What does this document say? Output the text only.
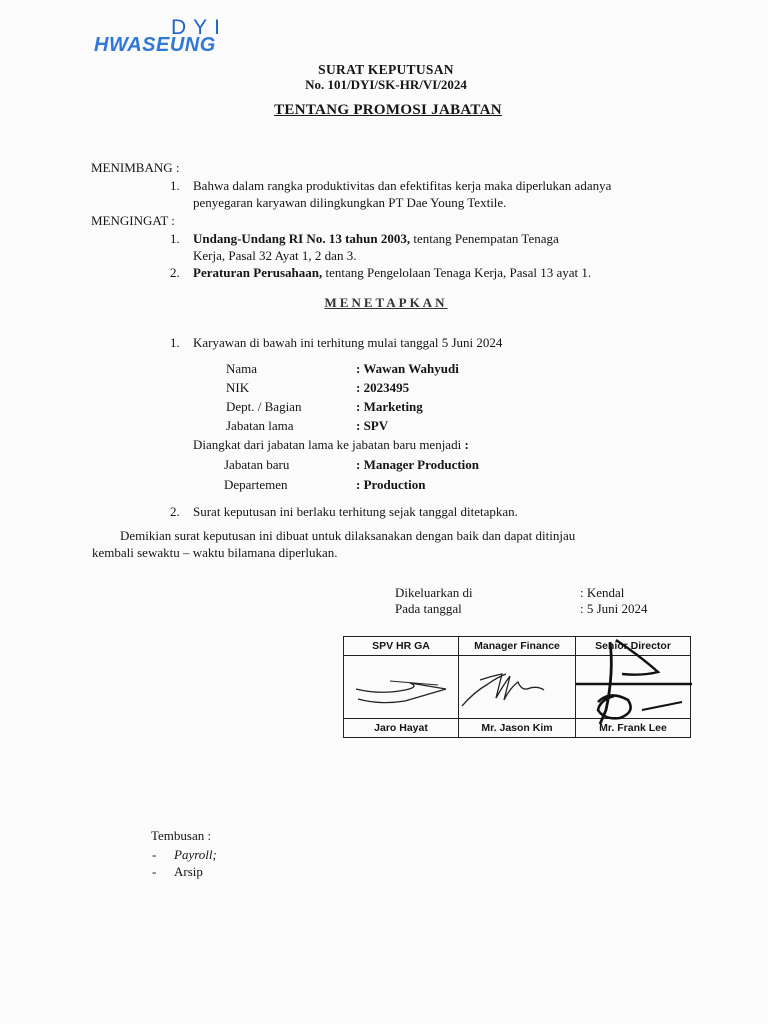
DYI
HWASEUNG
SURAT KEPUTUSAN
No. 101/DYI/SK-HR/VI/2024
TENTANG PROMOSI JABATAN
MENIMBANG :
1. Bahwa dalam rangka produktivitas dan efektifitas kerja maka diperlukan adanya
penyegaran karyawan dilingkungkan PT Dae Young Textile.
MENGINGAT :
1. Undang-Undang RI No. 13 tahun 2003, tentang Penempatan Tenaga
Kerja, Pasal 32 Ayat 1, 2 dan 3.
2. Peraturan Perusahaan, tentang Pengelolaan Tenaga Kerja, Pasal 13 ayat 1.
MENETAPKAN
1. Karyawan di bawah ini terhitung mulai tanggal 5 Juni 2024
Nama	: Wawan Wahyudi
NIK	: 2023495
Dept. / Bagian	: Marketing
Jabatan lama	: SPV
Diangkat dari jabatan lama ke jabatan baru menjadi :
Jabatan baru	: Manager Production
Departemen	: Production
2. Surat keputusan ini berlaku terhitung sejak tanggal ditetapkan.
Demikian surat keputusan ini dibuat untuk dilaksanakan dengan baik dan dapat ditinjau
kembali sewaktu – waktu bilamana diperlukan.
Dikeluarkan di	: Kendal
Pada tanggal	: 5 Juni 2024
SPV HR GA	Manager Finance	Senior Director

Jaro Hayat	Mr. Jason Kim	Mr. Frank Lee
Tembusan :
- Payroll;
- Arsip
